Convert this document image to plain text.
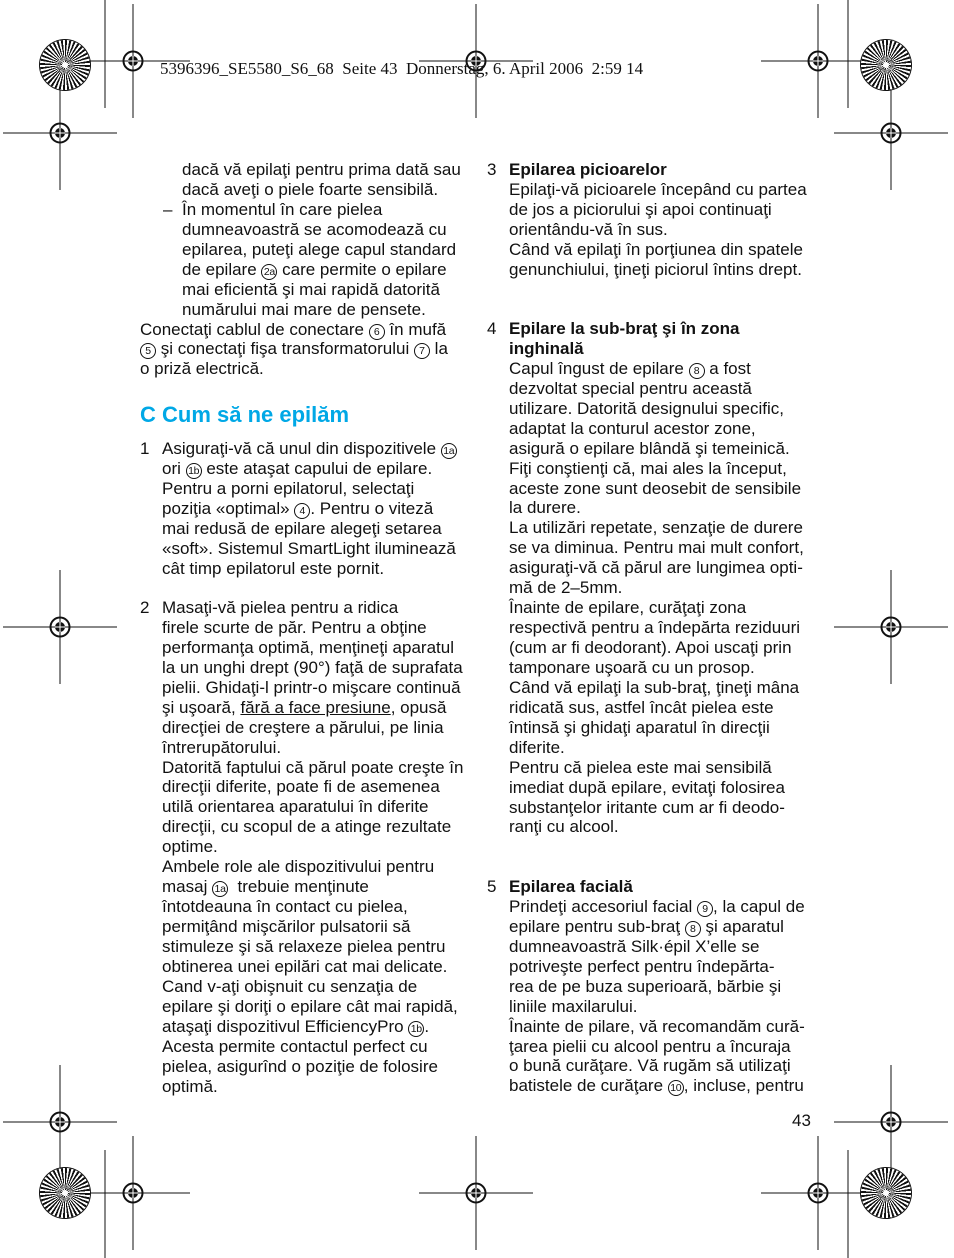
5396396_SE5580_S6_68  Seite 43  Donnerstag, 6. April 2006  2:59 14
dacă vă epilaţi pentru prima dată sau
dacă aveţi o piele foarte sensibilă.
– În momentul în care pielea
dumneavoastră se acomodează cu
epilarea, puteţi alege capul standard
de epilare 2a care permite o epilare
mai eficientă şi mai rapidă datorită
numărului mai mare de pensete.
Conectaţi cablul de conectare 6 în mufă
5 şi conectaţi fişa transformatorului 7 la
o priză electrică.
C Cum să ne epilăm
1 Asiguraţi-vă că unul din dispozitivele 1a
ori 1b este ataşat capului de epilare.
Pentru a porni epilatorul, selectaţi
poziţia «optimal» 4 . Pentru o viteză
mai redusă de epilare alegeţi setarea
«soft». Sistemul SmartLight iluminează
cât timp epilatorul este pornit.
2 Masaţi-vă pielea pentru a ridica
firele scurte de păr. Pentru a obţine
performanţa optimă, menţineţi aparatul
la un unghi drept (90°) faţă de suprafata
pielii. Ghidaţi-l printr-o mişcare continuă
şi uşoară, fără a face presiune, opusă
direcţiei de creştere a părului, pe linia
întrerupătorului.
Datorită faptului că părul poate creşte în
direcţii diferite, poate fi de asemenea
utilă orientarea aparatului în diferite
direcţii, cu scopul de a atinge rezultate
optime.
Ambele role ale dispozitivului pentru
masaj 1a  trebuie menţinute
întotdeauna în contact cu pielea,
permiţând mişcărilor pulsatorii să
stimuleze şi să relaxeze pielea pentru
obtinerea unei epilări cat mai delicate.
Cand v-aţi obişnuit cu senzaţia de
epilare şi doriţi o epilare cât mai rapidă,
ataşaţi dispozitivul EfficiencyPro 1b .
Acesta permite contactul perfect cu
pielea, asigurînd o poziţie de folosire
optimă.
3 Epilarea picioarelor
Epilaţi-vă picioarele începând cu partea
de jos a piciorului şi apoi continuaţi
orientându-vă în sus.
Când vă epilaţi în porţiunea din spatele
genunchiului, ţineţi piciorul întins drept.
4 Epilare la sub-braţ şi în zona
inghinală
Capul îngust de epilare 8 a fost
dezvoltat special pentru această
utilizare. Datorită designului specific,
adaptat la conturul acestor zone,
asigură o epilare blândă şi temeinică.
Fiţi conştienţi că, mai ales la început,
aceste zone sunt deosebit de sensibile
la durere.
La utilizări repetate, senzaţie de durere
se va diminua. Pentru mai mult confort,
asiguraţi-vă că părul are lungimea opti-
mă de 2–5mm.
Înainte de epilare, curăţaţi zona
respectivă pentru a îndepărta reziduuri
(cum ar fi deodorant). Apoi uscaţi prin
tamponare uşoară cu un prosop.
Când vă epilaţi la sub-braţ, ţineţi mâna
ridicată sus, astfel încât pielea este
întinsă şi ghidaţi aparatul în direcţii
diferite.
Pentru că pielea este mai sensibilă
imediat după epilare, evitaţi folosirea
substanţelor iritante cum ar fi deodo-
ranţi cu alcool.
5 Epilarea facială
Prindeţi accesoriul facial 9 , la capul de
epilare pentru sub-braţ 8 şi aparatul
dumneavoastră Silk·épil X’elle se
potriveşte perfect pentru îndepărta-
rea de pe buza superioară, bărbie şi
liniile maxilarului.
Înainte de pilare, vă recomandăm cură-
ţarea pielii cu alcool pentru a încuraja
o bună curăţare. Vă rugăm să utilizaţi
batistele de curăţare 10 , incluse, pentru
43
